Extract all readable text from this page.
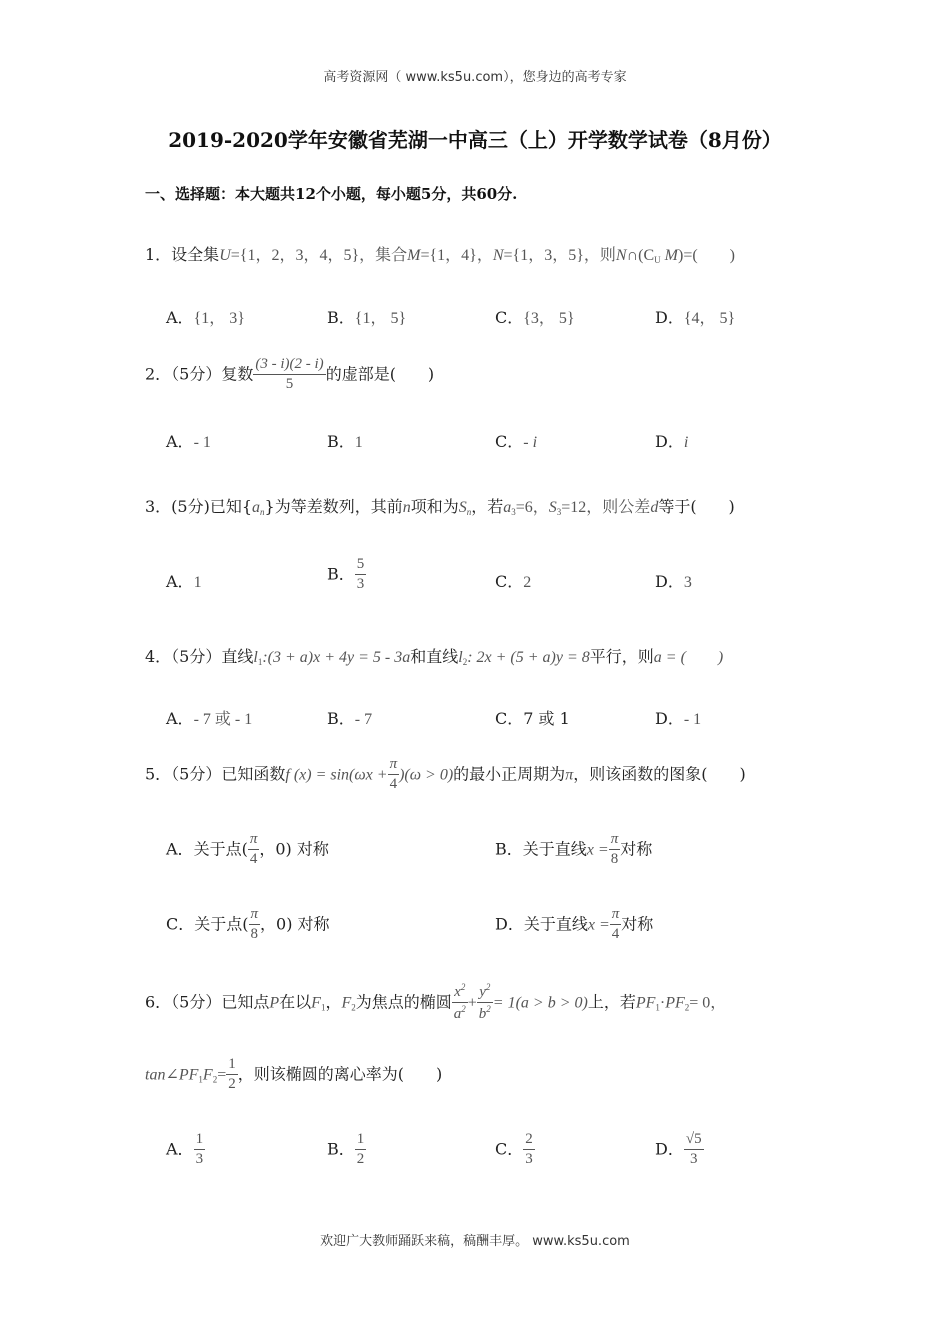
高考资源网（ www.ks5u.com），您身边的高考专家
2019-2020学年安徽省芜湖一中高三（上）开学数学试卷（8月份）
一、选择题：本大题共12个小题，每小题5分，共60分.
1．设全集U={1，2，3，4，5}，集合M={1，4}，N={1，3，5}，则$N\cap(C_U$ M)=(　　)
A．{1， 3}	B．{1， 5}	C．{3， 5}	D．{4， 5}
2．（5分）复数 $\frac{(3 - i)(2 - i)}{5}$ 的虚部是(　　)
A．- 1	B．1	C．- i	D．i
3．(5分)已知$\{a_n\}$为等差数列，其前n项和为$S_n$，若$a_3=6$，$S_3=12$，则公差d等于(　　)
A．1	B． $\frac{5}{3}$	C．2	D．3
4．（5分）直线$l_1:(3 + a)x + 4y = 5 - 3a$和直线$l_2$: 2x + (5 + a)y = 8平行，则a = (　　)
A．- 7 或 - 1	B．- 7	C．7 或 1	D．- 1
5．（5分）已知函数f $(x) = \sin(\omega x + \frac{\pi}{4} )(\omega > 0)$的最小正周期为π，则该函数的图象(　　)
A．关于点( $\frac{\pi}{4}$ ，0) 对称	B．关于直线$x = \frac{\pi}{8}$ 对称
C．关于点( $\frac{\pi}{8}$ ，0) 对称	D．关于直线$x = \frac{\pi}{4}$ 对称
6．（5分）已知点P在以$F_1$，$F_2$为焦点的椭圆 $\frac{x^2}{a^2} + \frac{y^2}{b^2} = 1(a > b > 0)$上，若$PF_1\cdot PF_2= 0$，
$\tan\angle PF_1F_2= \frac{1}{2}$ ，则该椭圆的离心率为(　　)
A． $\frac{1}{3}$	B． $\frac{1}{2}$	C． $\frac{2}{3}$	D． $\frac{√5}{3}$
欢迎广大教师踊跃来稿，稿酬丰厚。 www.ks5u.com
